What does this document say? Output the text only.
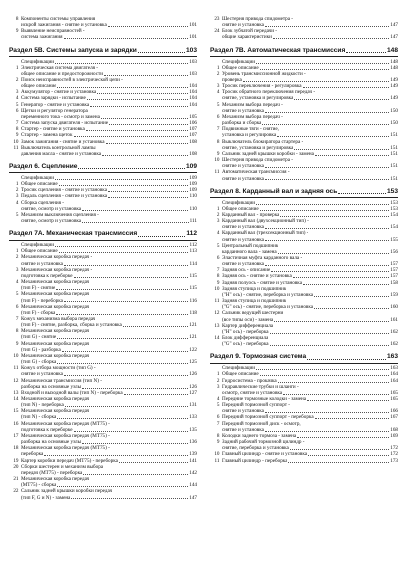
8 Компоненты системы управления
искрой зажигания - снятие и установка	101
9 Выявление неисправностей -
система зажигания	101
Раздел 5В. Системы запуска и зарядки	103
Спецификации	103
1 Электрическая система двигателя -
общее описание и предосторожности	103
2 Поиск неисправностей в электрической цепи -
общее описание	104
3 Аккумулятор - снятие и установка	104
4 Система зарядки - испытание	104
5 Генератор - снятие и установка	104
6 Щетки и регулятор генератора
переменного тока - осмотр и замена	105
7 Система запуска двигателя - испытание	106
8 Стартер - снятие и установка	107
9 Стартер - замена щеток	107
10 Замок зажигания - снятие и установка	108
11 Выключатель контрольной лампы
давления масла - снятие и установка	108
Раздел 6. Сцепление	109
Спецификации	109
1 Общее описание	109
2 Тросик сцепления - снятие и установка	109
3 Педаль сцепления - снятие и установка	110
4 Сборка сцепления -
снятие, осмотр и установка	110
5 Механизм выключения сцепления -
снятие, осмотр и установка	111
Раздел 7А. Механическая трансмиссия	112
Спецификации	112
1 Общее описание	113
2 Механическая коробка передач -
снятие и установка	114
3 Механическая коробка передач -
подготовка к переборке	115
4 Механическая коробка передач
(тип F) - снятие	115
5 Механическая коробка передач
(тип F) - переборка	116
6 Механическая коробка передач
(тип F) - сборка	118
7 Кожух механизма выбора передач
(тип F) - снятие, разборка, сборка и установка	121
8 Механическая коробка передач
(тип G) - снятие	121
9 Механическая коробка передач
(тип G) - разборка	122
10 Механическая коробка передач
(тип G) - сборка	125
11 Кожух отбора мощности (тип G) -
снятие и установка	126
12 Механическая трансмиссия (тип N) -
разборка на основные узлы	126
13 Входной и выходной валы (тип N) - переборка	127
14 Механическая коробка передач
(тип N) - переборка	131
15 Механическая коробка передач
(тип N) - сборка	133
16 Механическая коробка передач (MT75) -
подготовка к переборке	135
17 Механическая коробка передач (MT75) -
разборка на основные узлы	136
18 Механическая коробка передач (MT75) -
переборка	139
19 Картер коробки передач (MT75) - переборка	141
20 Сборки шестерен и механизм выбора
передач (MT75) - переборка	142
21 Механическая коробка передач
(MT75) - сборка	144
22 Сальник задней крышки коробки передач
(тип F, G и N) - замена	147
23 Шестерня привода спидометра -
снятие и установка	147
24 Блок зубчатой передачи -
общие характеристики	147
Раздел 7В. Автоматическая трансмиссия	148
Спецификации	148
1 Общее описание	148
2 Уровень трансмиссионной жидкости -
проверка	149
3 Тросик переключения - регулировка	149
4 Тросик обратного переключения передач -
снятие, установка и регулировка	149
5 Механизм выбора передач -
снятие и установка	150
6 Механизм выбора передач -
разборка и сборка	150
7 Подвижные тяги - снятие,
установка и регулировка	151
8 Выключатель блокиратора стартера -
снятие, установка и регулировка	151
9 Сальник задней крышки коробки - замена	151
10 Шестерня привода спидометра -
снятие и установка	151
11 Автоматическая трансмиссия -
снятие и установка	151
Раздел 8. Карданный вал и задняя ось	153
Спецификации	153
1 Общее описание	153
2 Карданный вал - проверка	154
3 Карданный вал (двухсекционный тип) -
снятие и установка	154
4 Карданный вал (трехсекционный тип) -
снятие и установка	155
5 Центральный подшипник
карданного вала - замена	156
6 Эластичная муфта карданного вала -
снятие и установка	157
7 Задняя ось - описание	157
8 Задняя ось - снятие и установка	157
9 Задняя полуось - снятие и установка	158
10 Задняя ступица и подшипник
("Н" ось) - снятие, переборка и установка	159
11 Задняя ступица и подшипник
("G" ось) - снятие, переборка и установка	160
12 Сальник ведущей шестерни
(все типы оси) - замена	161
13 Картер дифференциала
("Н" ось) - переборка	162
14 Блок дифференциала
("G" ось) - переборка	162
Раздел 9. Тормозная система	163
Спецификации	163
1 Общее описание	164
2 Гидросистема - прокачка	164
3 Гидравлические трубки и шланги -
осмотр, снятие и установка	165
4 Передние тормозные колодки - замена	165
5 Передний тормозной суппорт -
снятие и установка	166
6 Передний тормозной суппорт - переборка	167
7 Передний тормозной диск - осмотр,
снятие и установка	168
8 Колодки заднего тормоза - замена	169
9 Задний рабочий тормозной цилиндр -
снятие, переборка и установка	172
10 Главный цилиндр - снятие и установка	172
11 Главный цилиндр - переборка	173
